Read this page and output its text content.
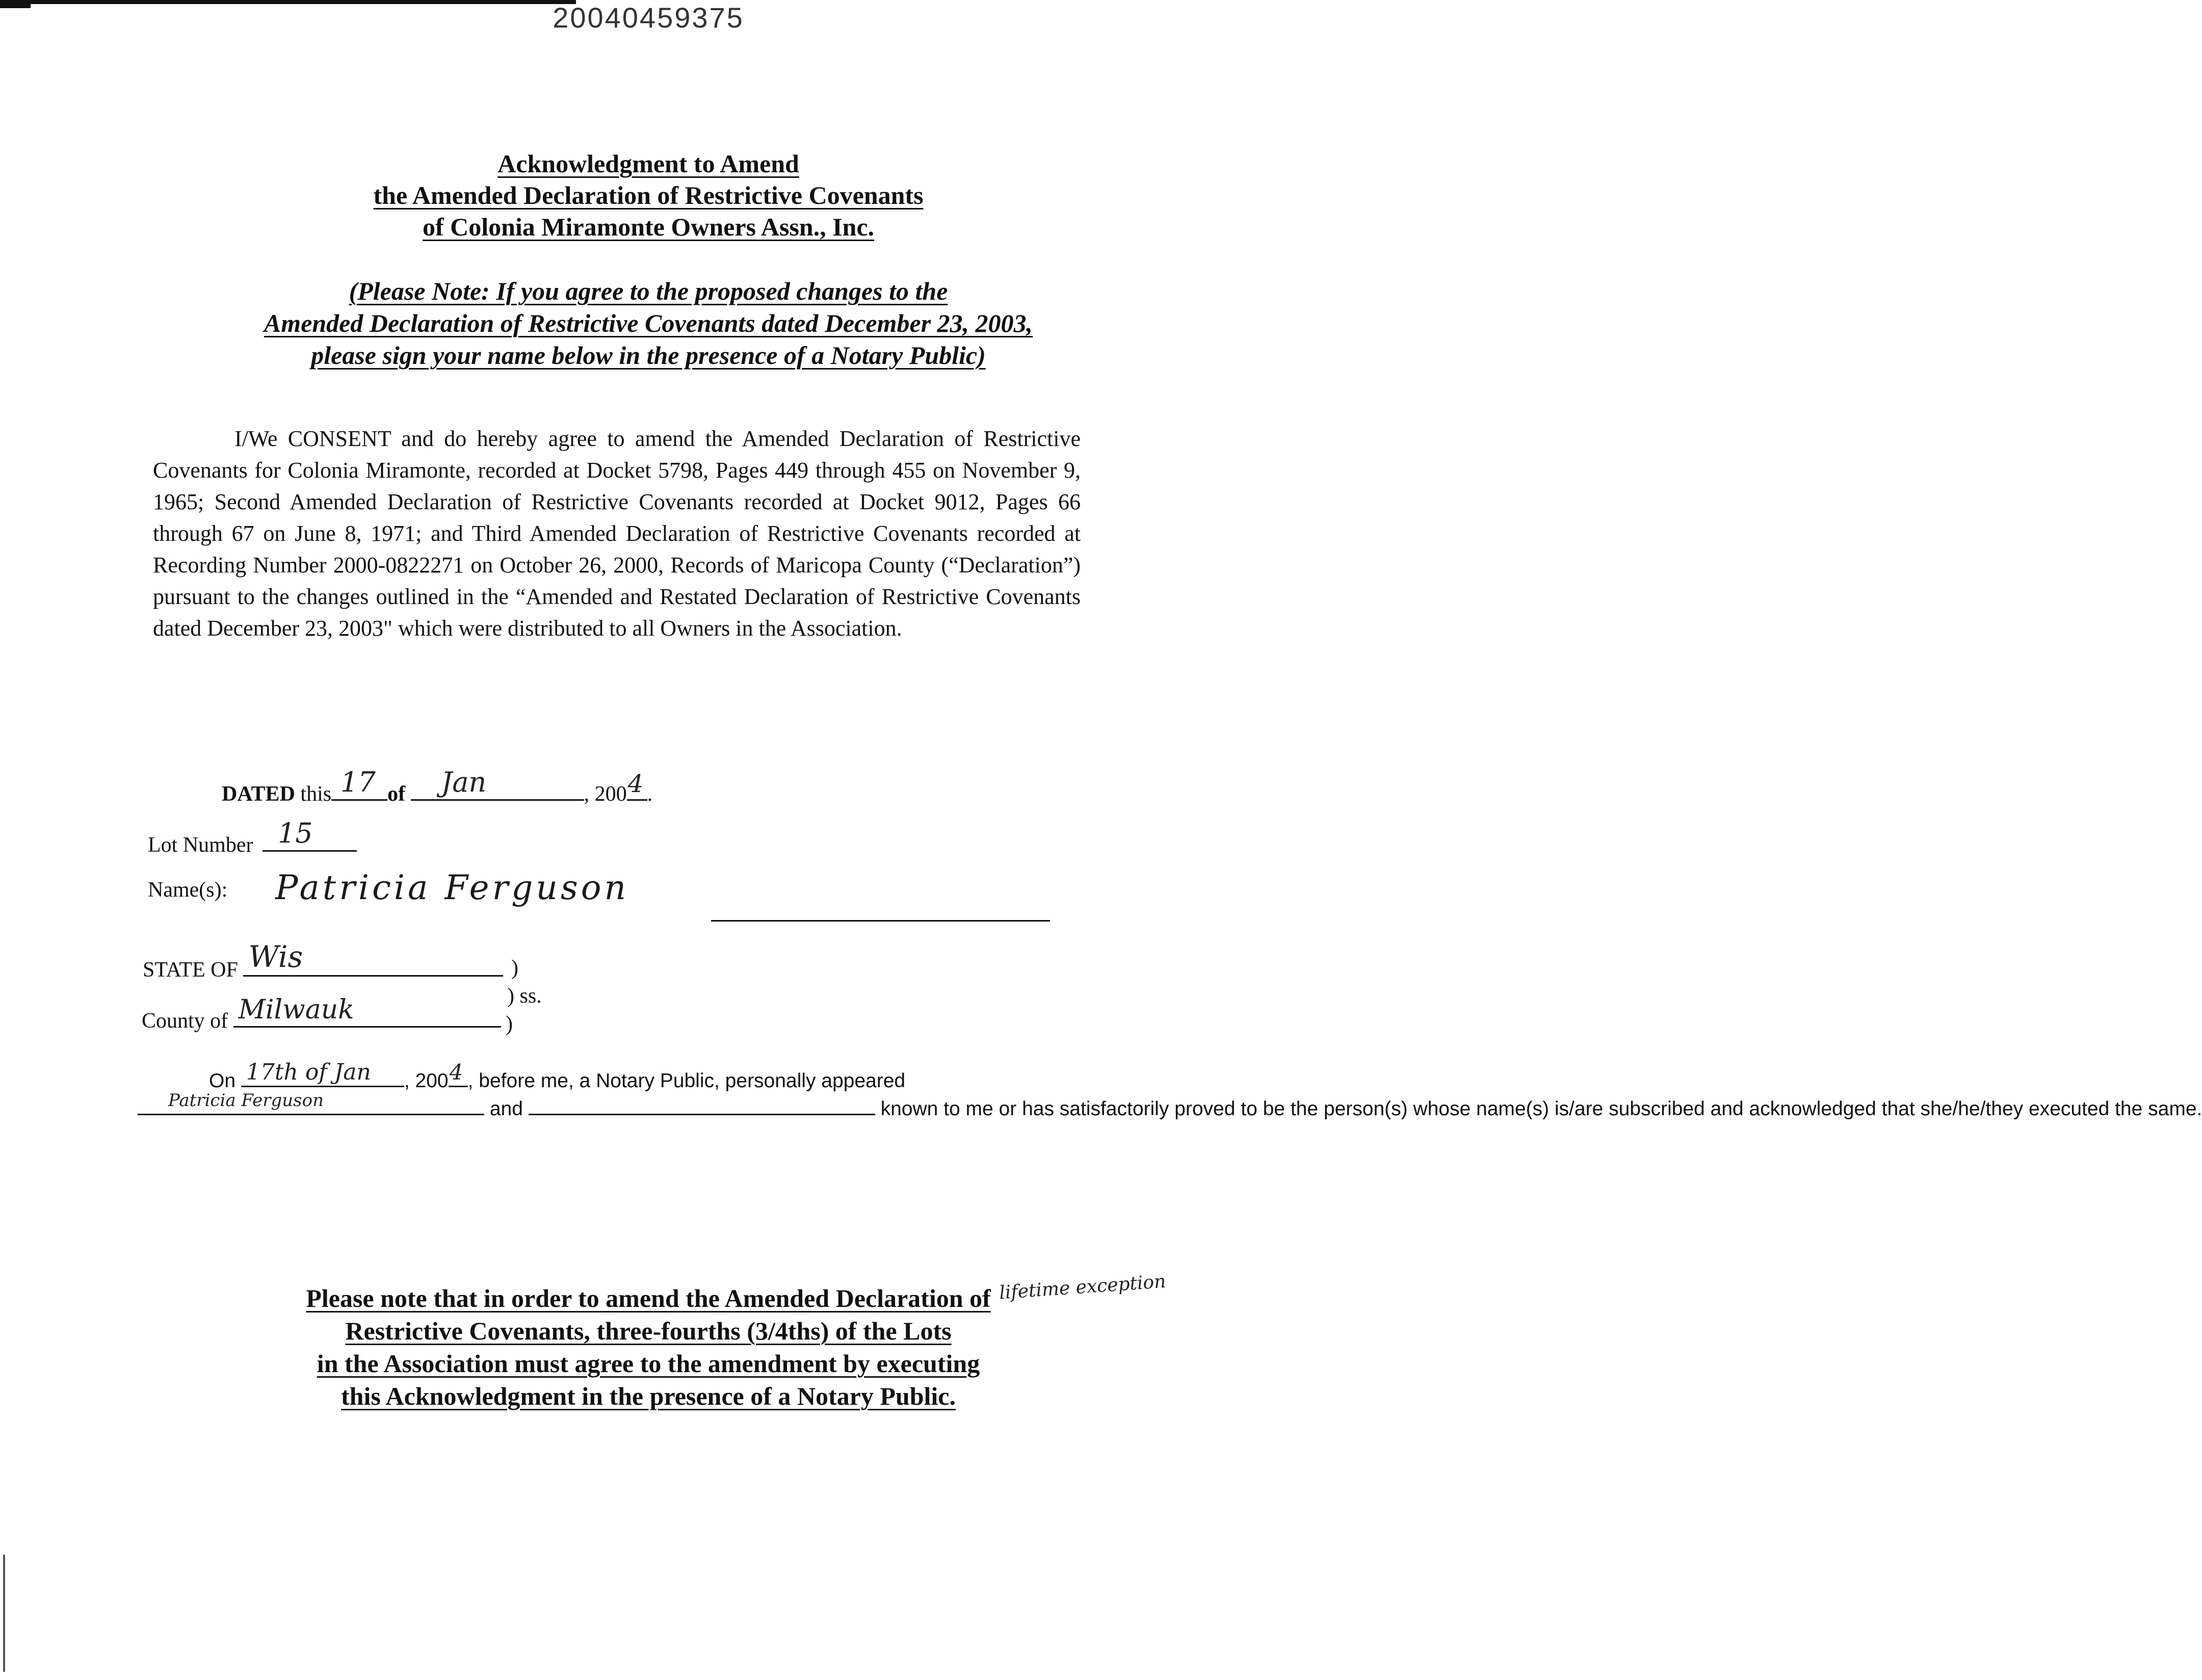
20040459375
Acknowledgment to Amend
the Amended Declaration of Restrictive Covenants
of Colonia Miramonte Owners Assn., Inc.
(Please Note: If you agree to the proposed changes to the
Amended Declaration of Restrictive Covenants dated December 23, 2003,
please sign your name below in the presence of a Notary Public)
I/We CONSENT and do hereby agree to amend the Amended Declaration of Restrictive Covenants for Colonia Miramonte, recorded at Docket 5798, Pages 449 through 455 on November 9, 1965; Second Amended Declaration of Restrictive Covenants recorded at Docket 9012, Pages 66 through 67 on June 8, 1971; and Third Amended Declaration of Restrictive Covenants recorded at Recording Number 2000-0822271 on October 26, 2000, Records of Maricopa County (“Declaration”) pursuant to the changes outlined in the “Amended and Restated Declaration of Restrictive Covenants dated December 23, 2003" which were distributed to all Owners in the Association.
DATED this 17 of Jan	, 200 4 .
Lot Number 15
Name(s): Patricia Ferguson
STATE OF Wis	)
) ss.
County of Milwauk	)
On 17th of Jan , 200 4 , before me, a Notary Public, personally appeared
Patricia Ferguson	and	known to me or has satisfactorily proved to be the person(s) whose name(s) is/are subscribed and acknowledged that she/he/they executed the same.
Please note that in order to amend the Amended Declaration of
Restrictive Covenants, three-fourths (3/4ths) of the Lots
in the Association must agree to the amendment by executing
this Acknowledgment in the presence of a Notary Public.
lifetime exception
